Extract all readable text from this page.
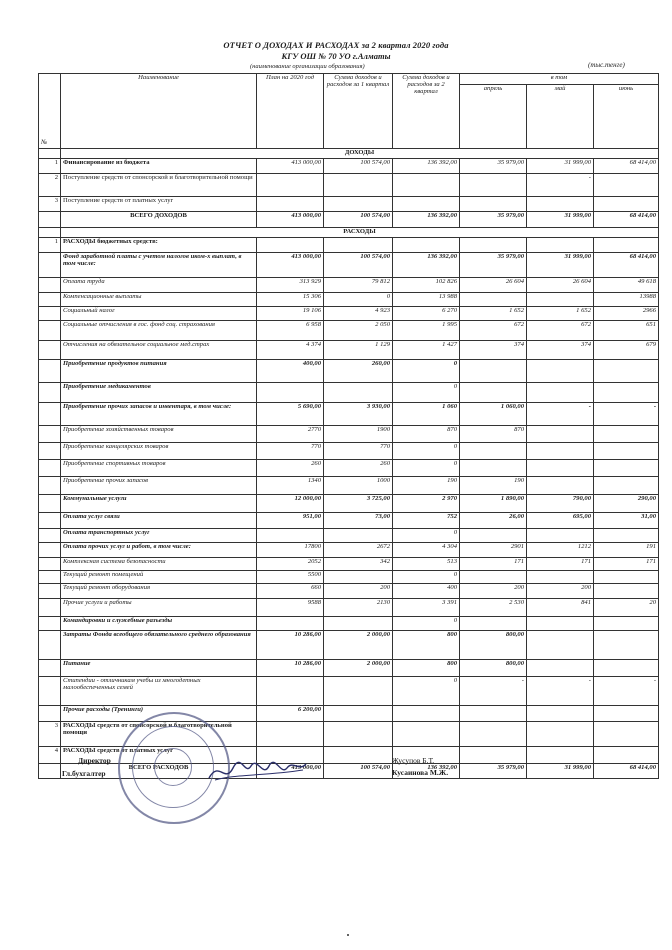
ОТЧЕТ О ДОХОДАХ И РАСХОДАХ за 2 квартал 2020 года
КГУ ОШ № 70 УО г.Алматы
(наименование организации образования)	(тыс.тенге)
№	Наименование	План на 2020 год	Сумма доходов и расходов за 1 квартал	Сумма доходов и расходов за 2 квартал	в том		
					апрель	май	июнь
	ДОХОДЫ						
1	Финансирование из бюджета	413 000,00	100 574,00	136 392,00	35 979,00	31 999,00	68 414,00
2	Поступление средств от спонсорской и благотворительной помощи					-	
3	Поступление средств от платных услуг						
	ВСЕГО ДОХОДОВ	413 000,00	100 574,00	136 392,00	35 979,00	31 999,00	68 414,00
	РАСХОДЫ						
1	РАСХОДЫ бюджетных средств:						
	Фонд заработной платы с учетом налогов иком-х выплат, в том числе:	413 000,00	100 574,00	136 392,00	35 979,00	31 999,00	68 414,00
	Оплата труда	313 929	79 812	102 826	26 604	26 604	49 618
	Компенсационные выплаты	15 306	0	13 988			13988
	Социальный налог	19 106	4 923	6 270	1 652	1 652	2966
	Социальные отчисления в гос. фонд соц. страхования	6 958	2 050	1 995	672	672	651
	Отчисления на обязательное социальное мед.страх	4 374	1 129	1 427	374	374	679
	Приобретение продуктов питания	400,00	260,00	0			
	Приобретение медикаментов			0			
	Приобретение прочих запасов и инвентаря, в том числе:	5 690,00	3 930,00	1 060	1 060,00	-	-
	Приобретение хозяйственных товаров	2770	1900	870	870		
	Приобретение канцелярских товаров	770	770	0			
	Приобретение спортивных товаров	260	260	0			
	Приобретение прочих запасов	1340	1000	190	190		
	Коммунальные услуги	12 000,00	3 725,00	2 970	1 890,00	790,00	290,00
	Оплата услуг связи	951,00	73,00	752	26,00	695,00	31,00
	Оплата транспортных услуг			0			
	Оплата прочих услуг и работ, в том числе:	17800	2672	4 304	2901	1212	191
	Комплексная система безопасности	2052	342	513	171	171	171
	Текущий ремонт помещений	5500		0			
	Текущий ремонт оборудования	660	200	400	200	200	
	Прочие услуги и работы	9588	2130	3 391	2 530	841	20
	Командировки и служебные разъезды			0			
	Затраты Фонда всеобщего обязательного среднего образования	10 286,00	2 000,00	800	800,00		
	Питание	10 286,00	2 000,00	800	800,00		
	Стипендии - отличникам учебы из многодетных малообеспеченных семей			0	-	-	-
	Прочие расходы (Тренинги)	6 200,00					
3	РАСХОДЫ средств от спонсорской и благотворительной помощи						
4	РАСХОДЫ средств от платных услуг						
	ВСЕГО РАСХОДОВ	413 000,00	100 574,00	136 392,00	35 979,00	31 999,00	68 414,00
Директор
Гл.бухгалтер
Жусупов Б.Т.
Кусаинова М.Ж.
